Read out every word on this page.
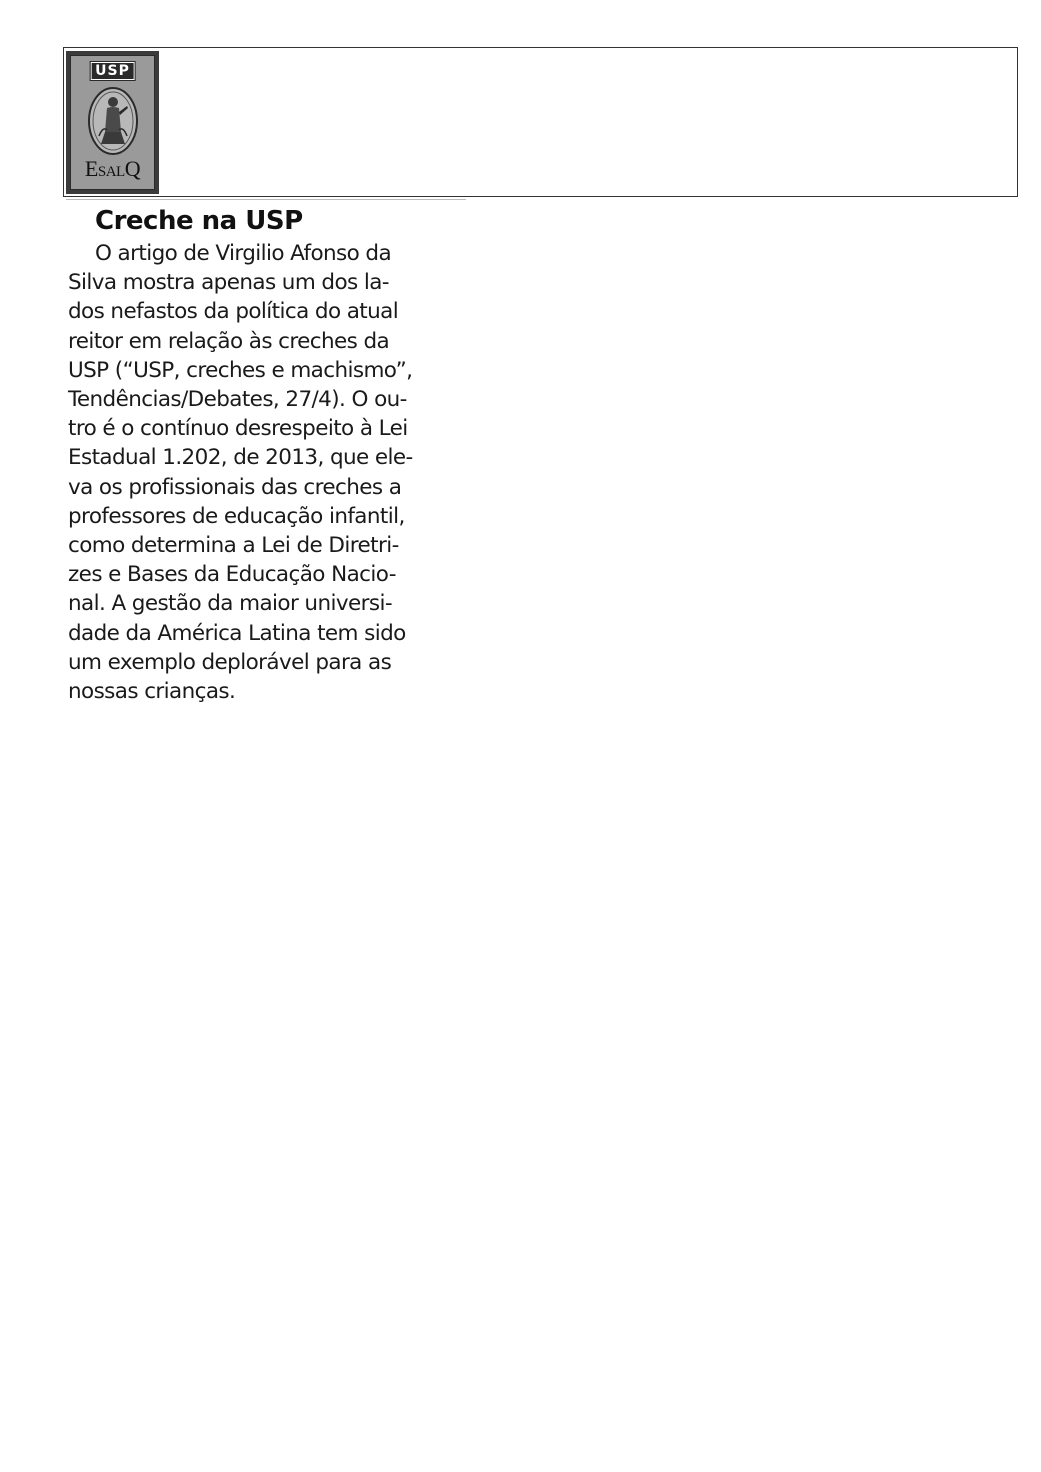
USP
ESALQ
Creche na USP

O artigo de Virgilio Afonso da
Silva mostra apenas um dos la-
dos nefastos da política do atual
reitor em relação às creches da
USP (“USP, creches e machismo”,
Tendências/Debates, 27/4). O ou-
tro é o contínuo desrespeito à Lei
Estadual 1.202, de 2013, que ele-
va os profissionais das creches a
professores de educação infantil,
como determina a Lei de Diretri-
zes e Bases da Educação Nacio-
nal. A gestão da maior universi-
dade da América Latina tem sido
um exemplo deplorável para as
nossas crianças.
